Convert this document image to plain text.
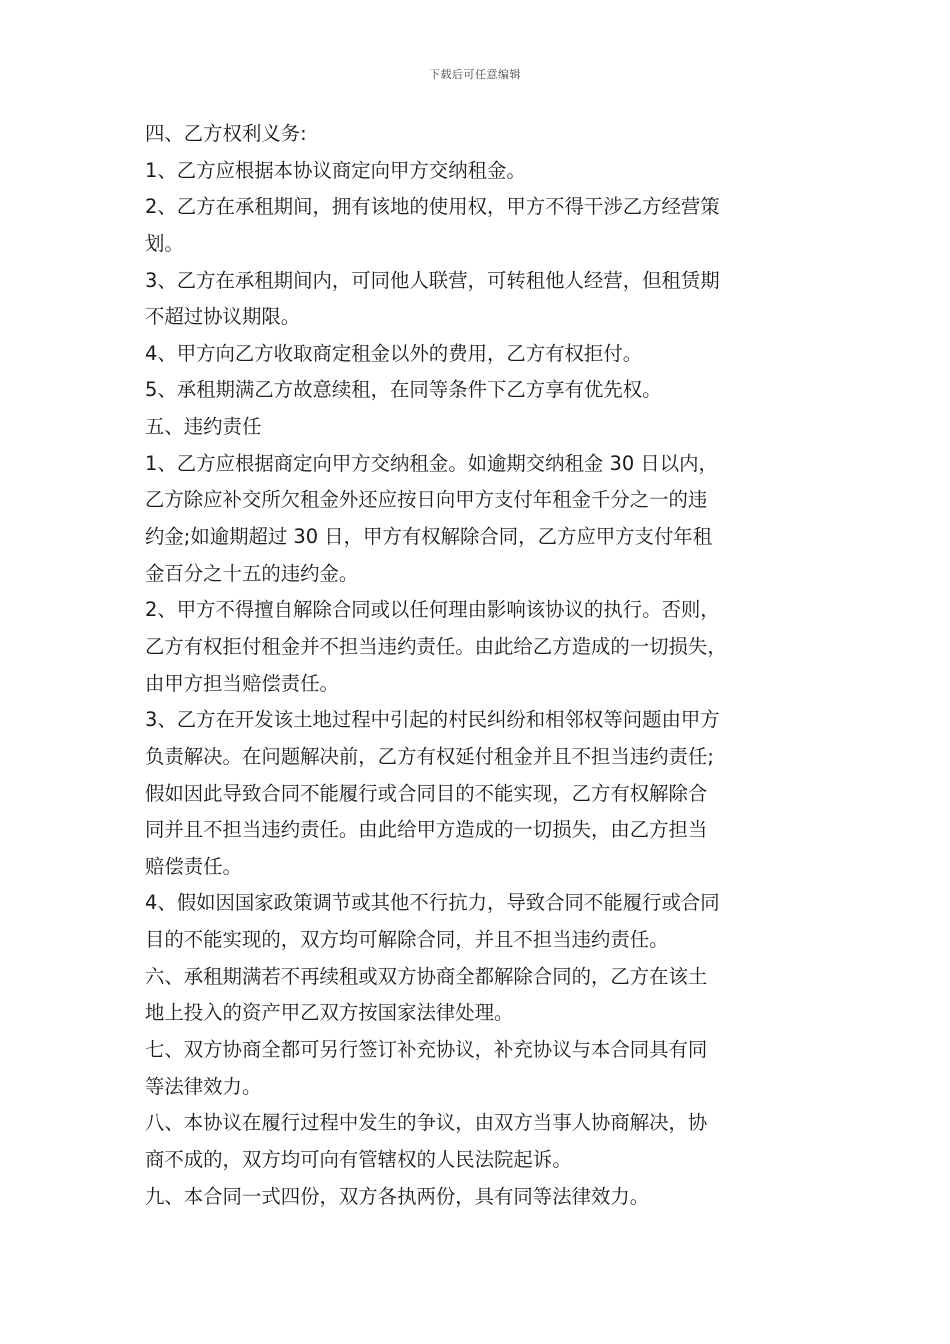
下载后可任意编辑
四、乙方权利义务:
1、乙方应根据本协议商定向甲方交纳租金。
2、乙方在承租期间，拥有该地的使用权，甲方不得干涉乙方经营策
划。
3、乙方在承租期间内，可同他人联营，可转租他人经营，但租赁期
不超过协议期限。
4、甲方向乙方收取商定租金以外的费用，乙方有权拒付。
5、承租期满乙方故意续租，在同等条件下乙方享有优先权。
五、违约责任
1、乙方应根据商定向甲方交纳租金。如逾期交纳租金 30 日以内，
乙方除应补交所欠租金外还应按日向甲方支付年租金千分之一的违
约金;如逾期超过 30 日，甲方有权解除合同，乙方应甲方支付年租
金百分之十五的违约金。
2、甲方不得擅自解除合同或以任何理由影响该协议的执行。否则，
乙方有权拒付租金并不担当违约责任。由此给乙方造成的一切损失，
由甲方担当赔偿责任。
3、乙方在开发该土地过程中引起的村民纠纷和相邻权等问题由甲方
负责解决。在问题解决前，乙方有权延付租金并且不担当违约责任;
假如因此导致合同不能履行或合同目的不能实现，乙方有权解除合
同并且不担当违约责任。由此给甲方造成的一切损失，由乙方担当
赔偿责任。
4、假如因国家政策调节或其他不行抗力，导致合同不能履行或合同
目的不能实现的，双方均可解除合同，并且不担当违约责任。
六、承租期满若不再续租或双方协商全都解除合同的，乙方在该土
地上投入的资产甲乙双方按国家法律处理。
七、双方协商全都可另行签订补充协议，补充协议与本合同具有同
等法律效力。
八、本协议在履行过程中发生的争议，由双方当事人协商解决，协
商不成的，双方均可向有管辖权的人民法院起诉。
九、本合同一式四份，双方各执两份，具有同等法律效力。
